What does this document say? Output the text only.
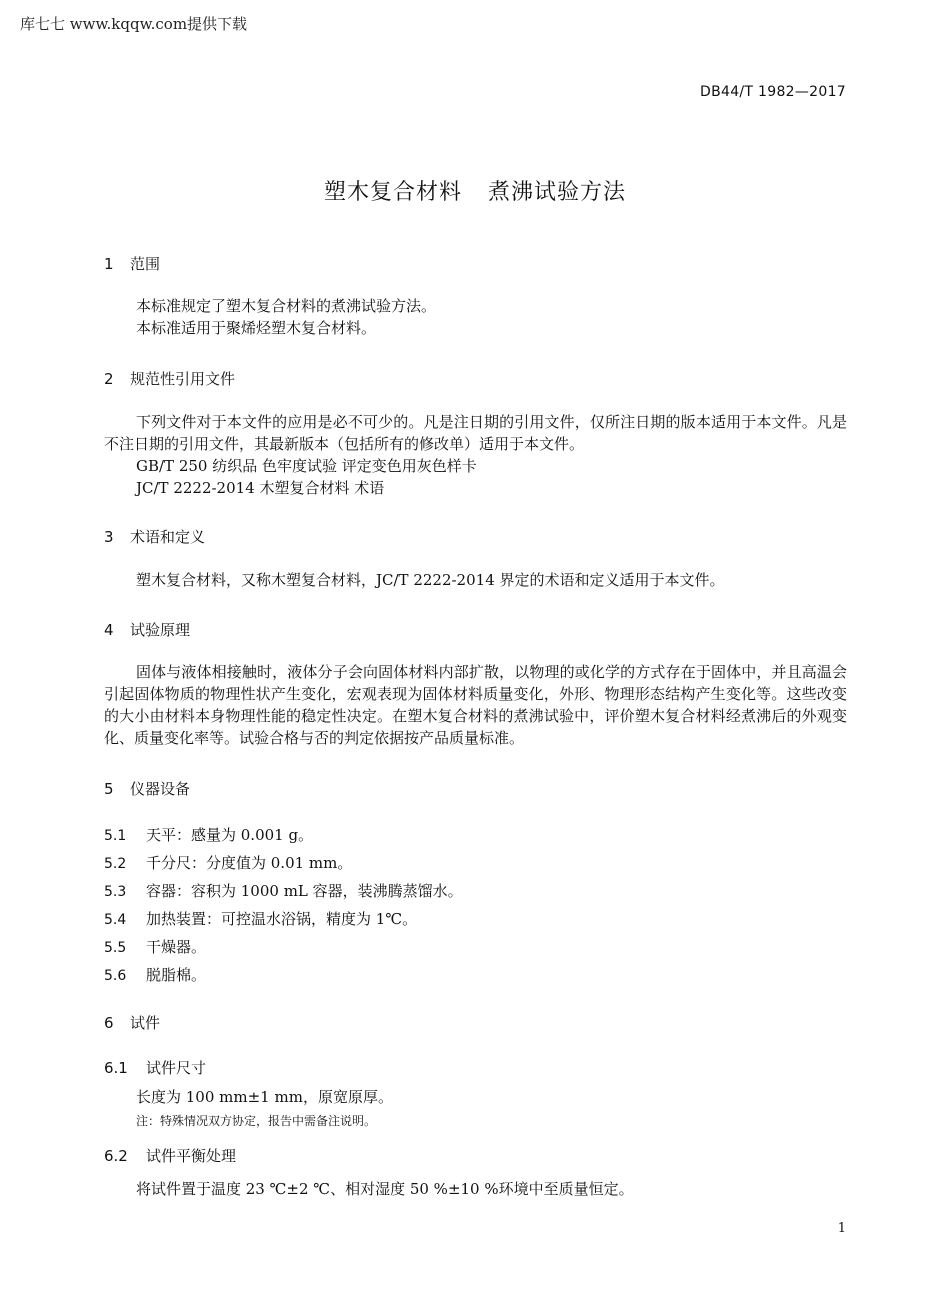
库七七 www.kqqw.com提供下载
DB44/T 1982—2017
塑木复合材料 煮沸试验方法
1 范围

本标准规定了塑木复合材料的煮沸试验方法。

本标准适用于聚烯烃塑木复合材料。

2 规范性引用文件

下列文件对于本文件的应用是必不可少的。凡是注日期的引用文件，仅所注日期的版本适用于本文件。凡是不注日期的引用文件，其最新版本（包括所有的修改单）适用于本文件。

GB/T 250 纺织品 色牢度试验 评定变色用灰色样卡

JC/T 2222-2014 木塑复合材料 术语

3 术语和定义

塑木复合材料，又称木塑复合材料，JC/T 2222-2014 界定的术语和定义适用于本文件。

4 试验原理

固体与液体相接触时，液体分子会向固体材料内部扩散，以物理的或化学的方式存在于固体中，并且高温会引起固体物质的物理性状产生变化，宏观表现为固体材料质量变化，外形、物理形态结构产生变化等。这些改变的大小由材料本身物理性能的稳定性决定。在塑木复合材料的煮沸试验中，评价塑木复合材料经煮沸后的外观变化、质量变化率等。试验合格与否的判定依据按产品质量标准。

5 仪器设备
5.1 天平：感量为 0.001 g。
5.2 千分尺：分度值为 0.01 mm。
5.3 容器：容积为 1000 mL 容器，装沸腾蒸馏水。
5.4 加热装置：可控温水浴锅，精度为 1℃。
5.5 干燥器。
5.6 脱脂棉。
6 试件
6.1 试件尺寸

长度为 100 mm±1 mm，原宽原厚。

注：特殊情况双方协定，报告中需备注说明。
6.2 试件平衡处理

将试件置于温度 23 ℃±2 ℃、相对湿度 50 %±10 %环境中至质量恒定。

1
